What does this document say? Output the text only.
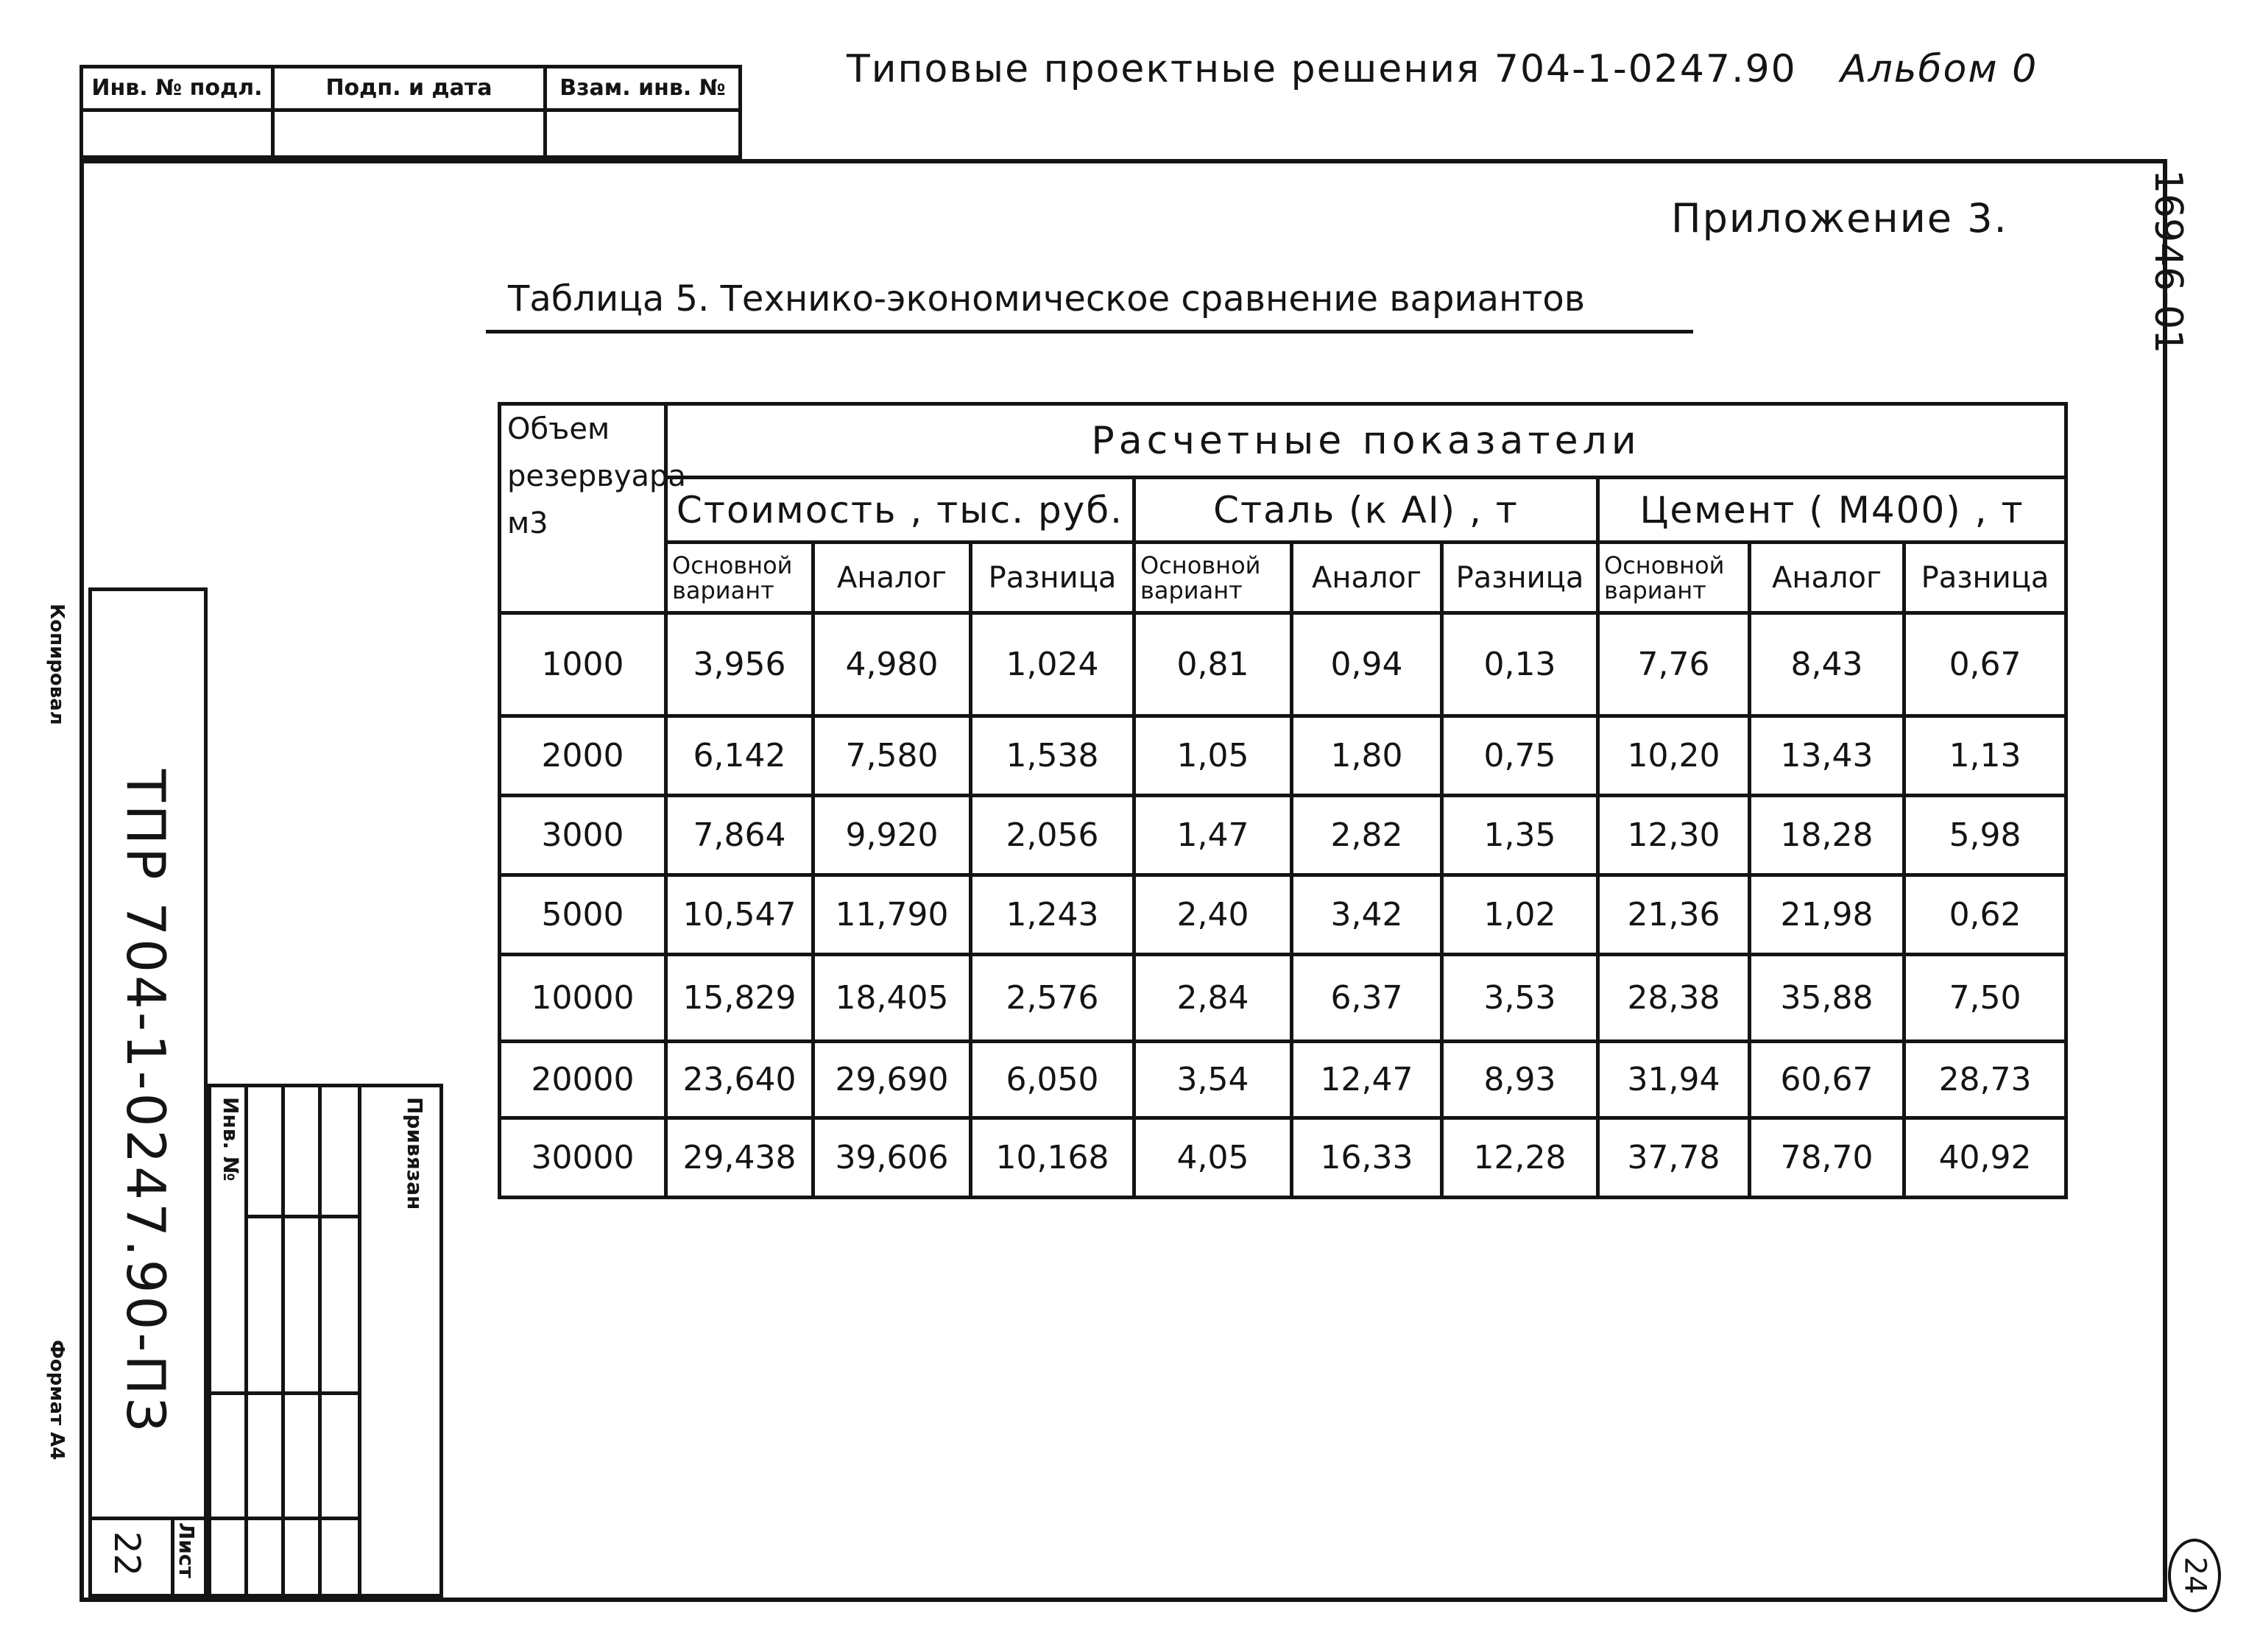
Инв. № подл.	Подп. и дата	Взам. инв. №	Типовые проектные решения 704-1-0247.90 Альбом 0
16946-01
Приложение 3.
Таблица 5. Технико-экономическое сравнение вариантов
Объем резервуара м3	Расчетные показатели								
	Стоимость , тыс. руб.			Сталь (к AI) , т			Цемент ( М400) , т		
	Основной вариант	Аналог	Разница	Основной вариант	Аналог	Разница	Основной вариант	Аналог	Разница
1000	3,956	4,980	1,024	0,81	0,94	0,13	7,76	8,43	0,67
2000	6,142	7,580	1,538	1,05	1,80	0,75	10,20	13,43	1,13
3000	7,864	9,920	2,056	1,47	2,82	1,35	12,30	18,28	5,98
5000	10,547	11,790	1,243	2,40	3,42	1,02	21,36	21,98	0,62
10000	15,829	18,405	2,576	2,84	6,37	3,53	28,38	35,88	7,50
20000	23,640	29,690	6,050	3,54	12,47	8,93	31,94	60,67	28,73
30000	29,438	39,606	10,168	4,05	16,33	12,28	37,78	78,70	40,92
ТПР 704-1-0247.90-ПЗ
Копировал
Формат А4
Лист
22
Инв. №	Привязан
24
